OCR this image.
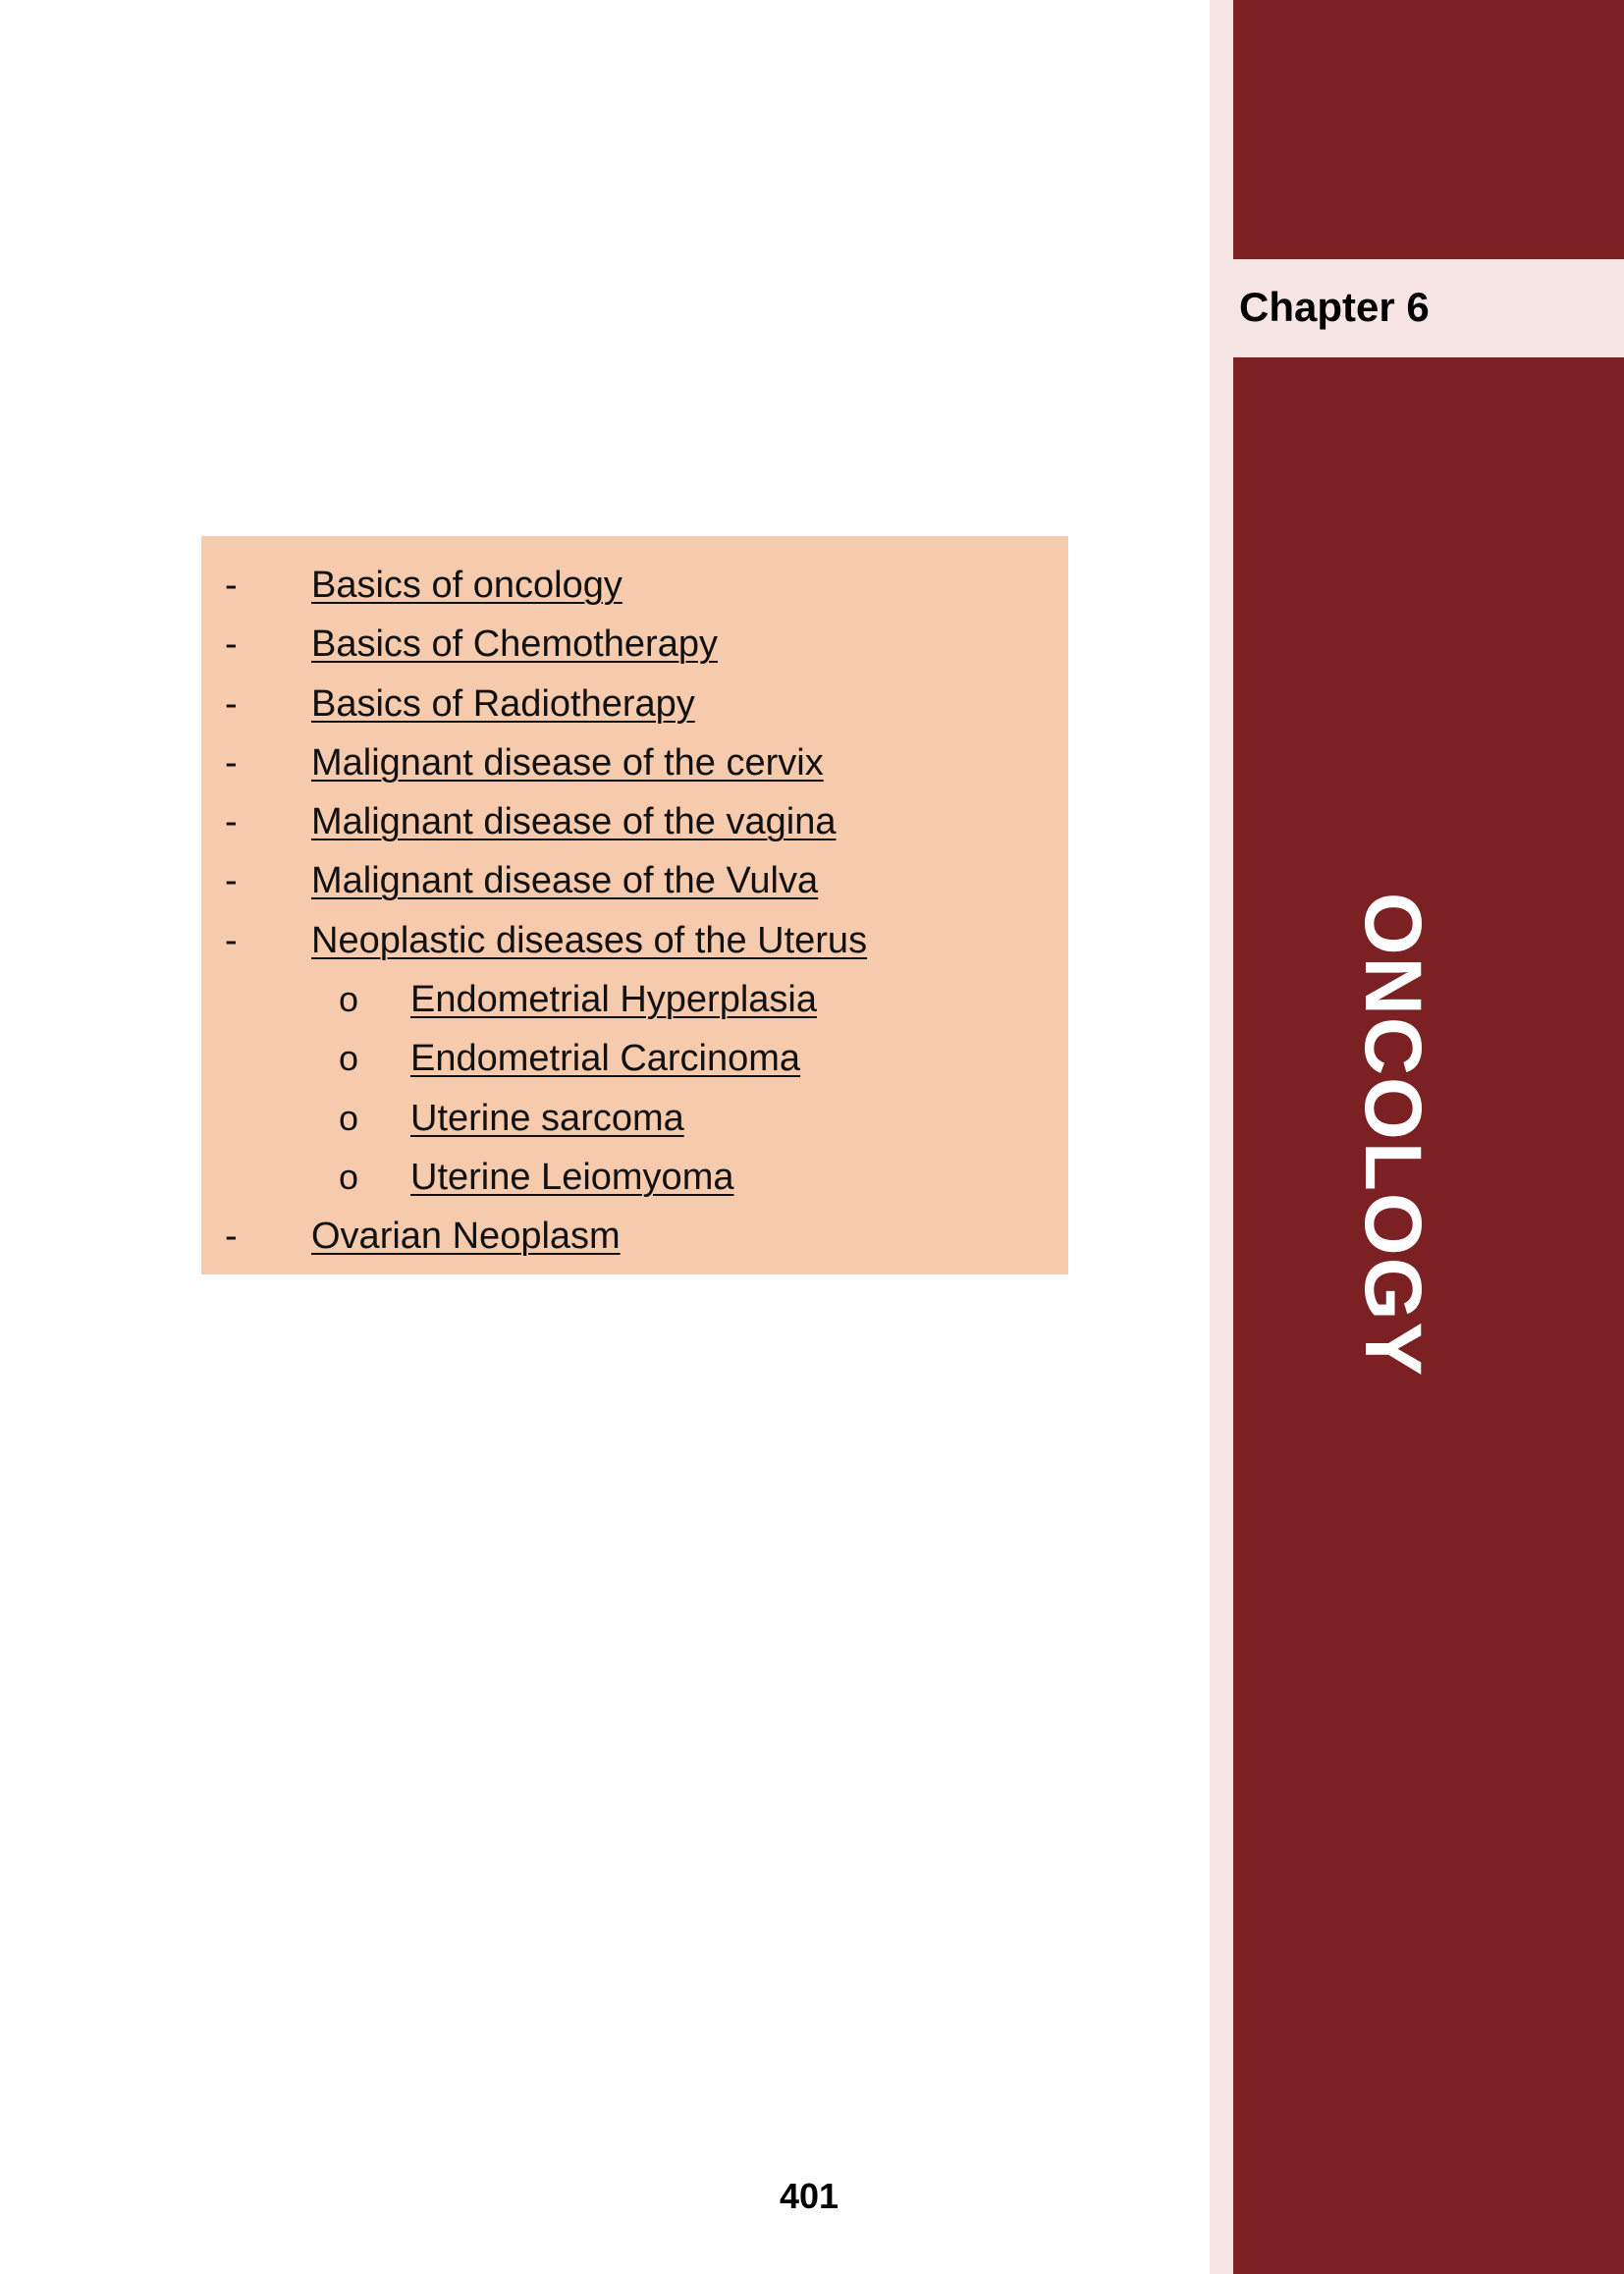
Chapter 6
ONCOLOGY
- Basics of oncology
- Basics of Chemotherapy
- Basics of Radiotherapy
- Malignant disease of the cervix
- Malignant disease of the vagina
- Malignant disease of the Vulva
- Neoplastic diseases of the Uterus
o Endometrial Hyperplasia
o Endometrial Carcinoma
o Uterine sarcoma
o Uterine Leiomyoma
- Ovarian Neoplasm
401
